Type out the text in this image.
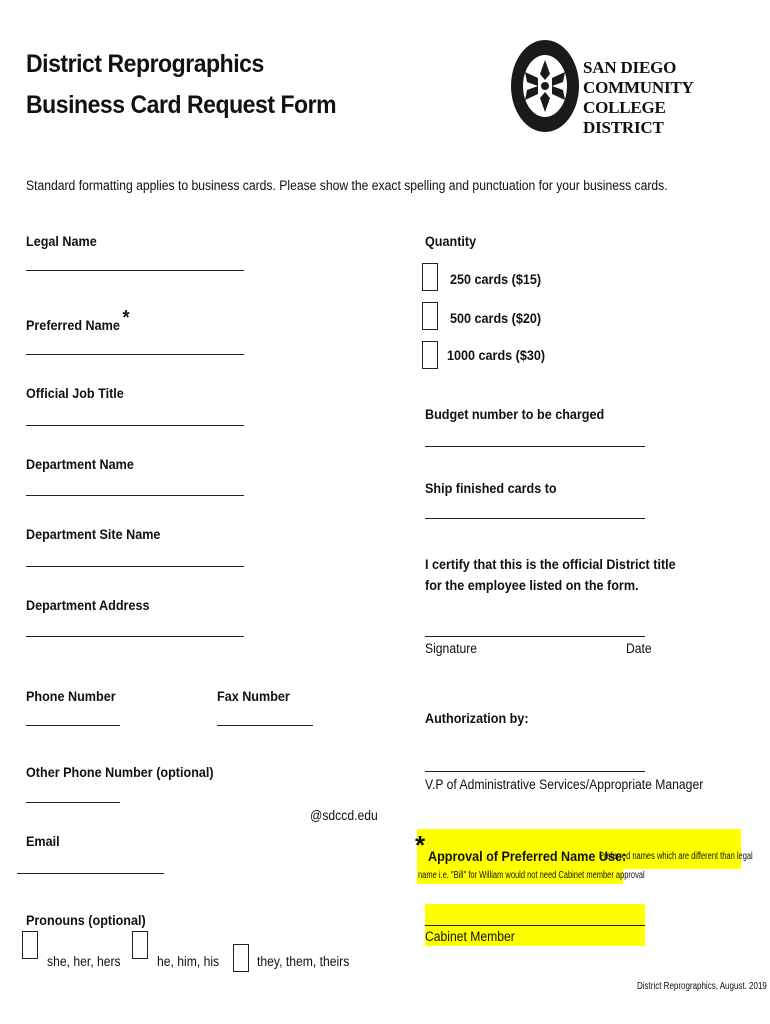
District Reprographics
Business Card Request Form
SAN DIEGO
COMMUNITY COLLEGE
DISTRICT
Standard formatting applies to business cards. Please show the exact spelling and punctuation for your business cards.
Legal Name
Preferred Name *
Official Job Title
Department Name
Department Site Name
Department Address
Phone Number	Fax Number
Other Phone Number (optional)
@sdccd.edu
Email
Pronouns (optional)
she, her, hers	he, him, his	they, them, theirs
Quantity
250 cards ($15)
500 cards ($20)
1000 cards ($30)
Budget number to be charged
Ship finished cards to
I certify that this is the official District title for the employee listed on the form.
Signature	Date
Authorization by:
V.P of Administrative Services/Appropriate Manager
* Approval of Preferred Name Use:
Preferred names which are different than legal
name i.e. "Bill" for William would not need Cabinet member approval
Cabinet Member
District Reprographics, August. 2019
